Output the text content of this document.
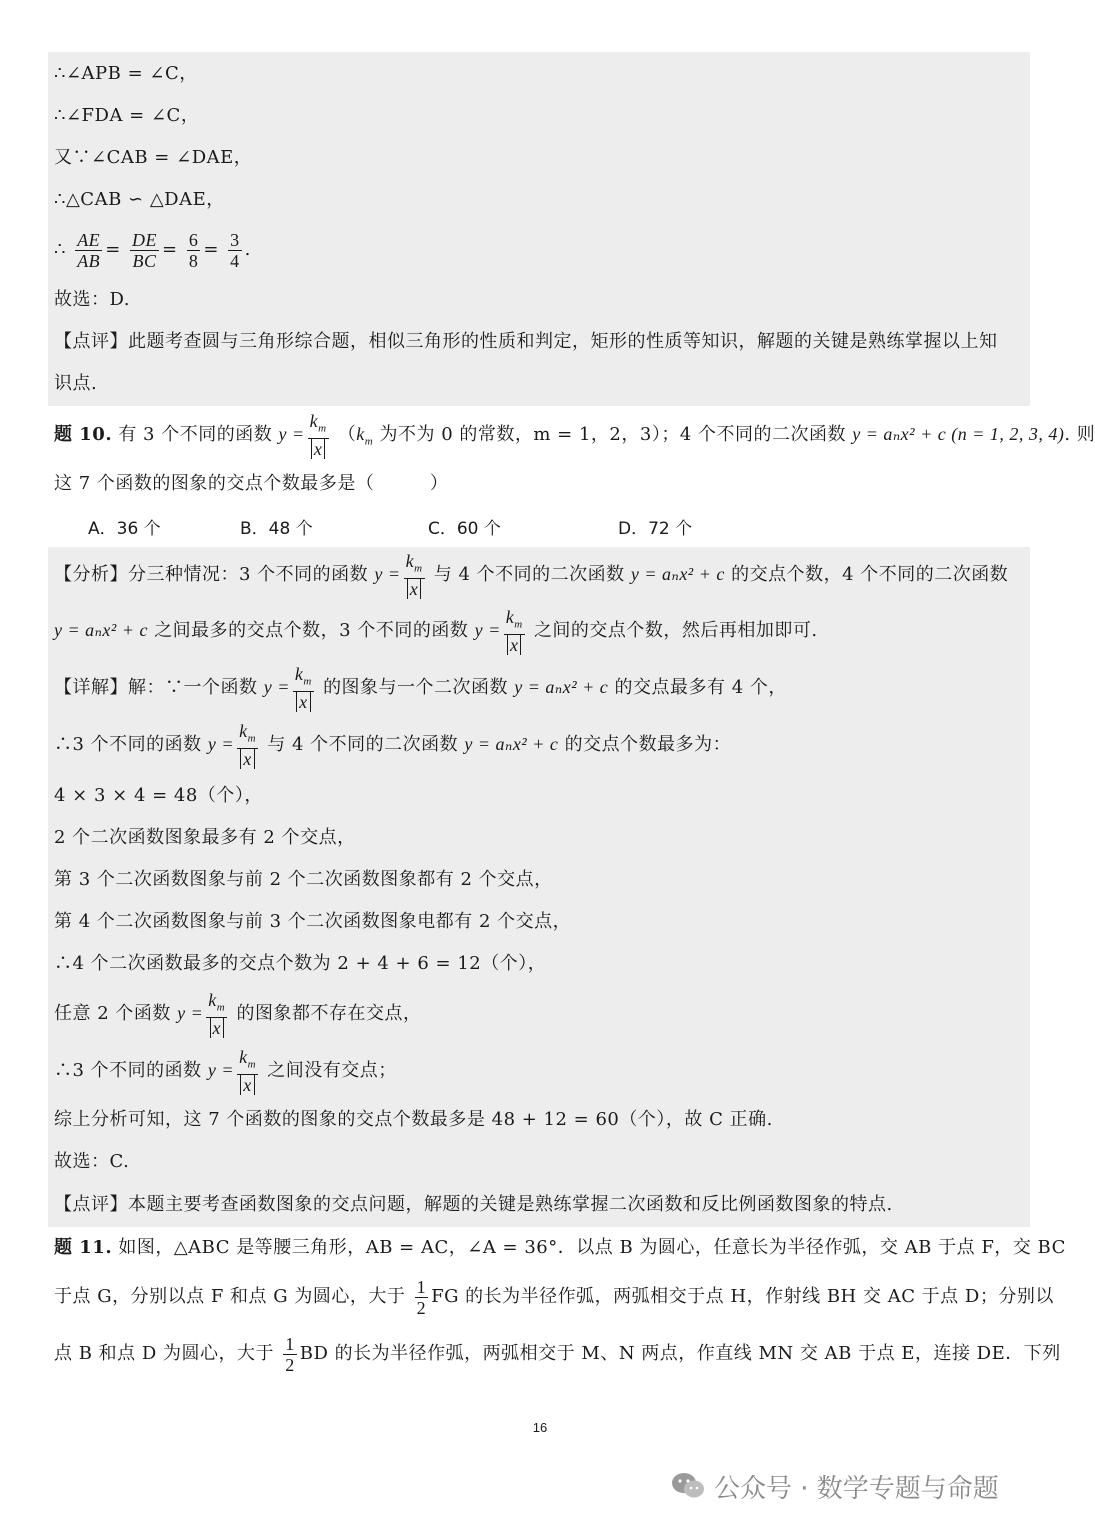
∴∠APB = ∠C，
∴∠FDA = ∠C，
又∵∠CAB = ∠DAE，
∴△CAB ∽ △DAE，
∴ $\frac{AE}{AB} = \frac{DE}{BC} = \frac{6}{8} = \frac{3}{4}$ .
故选：D.
【点评】此题考查圆与三角形综合题，相似三角形的性质和判定，矩形的性质等知识，解题的关键是熟练掌握以上知
识点.
题 10. 有 3 个不同的函数 $y = \frac{k_m}{x} (k_m$ 为不为 0 的常数，m = 1，2，3）；4 个不同的二次函数 y = aₙx² + c (n = 1, 2, 3, 4). 则
这 7 个函数的图象的交点个数最多是（　　　）
A．36 个	B．48 个	C．60 个	D．72 个
【分析】分三种情况：3 个不同的函数 $y = \frac{k_m}{x}$ 与 4 个不同的二次函数 y = aₙx² + c 的交点个数，4 个不同的二次函数
y = aₙx² + c 之间最多的交点个数，3 个不同的函数 $y = \frac{k_m}{x}$ 之间的交点个数，然后再相加即可.
【详解】解：∵一个函数 $y = \frac{k_m}{x}$ 的图象与一个二次函数 y = aₙx² + c 的交点最多有 4 个，
∴3 个不同的函数 $y = \frac{k_m}{x}$ 与 4 个不同的二次函数 y = aₙx² + c 的交点个数最多为：
4 × 3 × 4 = 48（个），
2 个二次函数图象最多有 2 个交点，
第 3 个二次函数图象与前 2 个二次函数图象都有 2 个交点，
第 4 个二次函数图象与前 3 个二次函数图象电都有 2 个交点，
∴4 个二次函数最多的交点个数为 2 + 4 + 6 = 12（个），
任意 2 个函数 $y = \frac{k_m}{x}$ 的图象都不存在交点，
∴3 个不同的函数 $y = \frac{k_m}{x}$ 之间没有交点；
综上分析可知，这 7 个函数的图象的交点个数最多是 48 + 12 = 60（个），故 C 正确.
故选：C.
【点评】本题主要考查函数图象的交点问题，解题的关键是熟练掌握二次函数和反比例函数图象的特点.
题 11. 如图，△ABC 是等腰三角形，AB = AC，∠A = 36°．以点 B 为圆心，任意长为半径作弧，交 AB 于点 F，交 BC
于点 G，分别以点 F 和点 G 为圆心，大于 $\frac{1}{2}$ FG 的长为半径作弧，两弧相交于点 H，作射线 BH 交 AC 于点 D；分别以
点 B 和点 D 为圆心，大于 $\frac{1}{2}$ BD 的长为半径作弧，两弧相交于 M、N 两点，作直线 MN 交 AB 于点 E，连接 DE．下列
16
公众号 · 数学专题与命题
